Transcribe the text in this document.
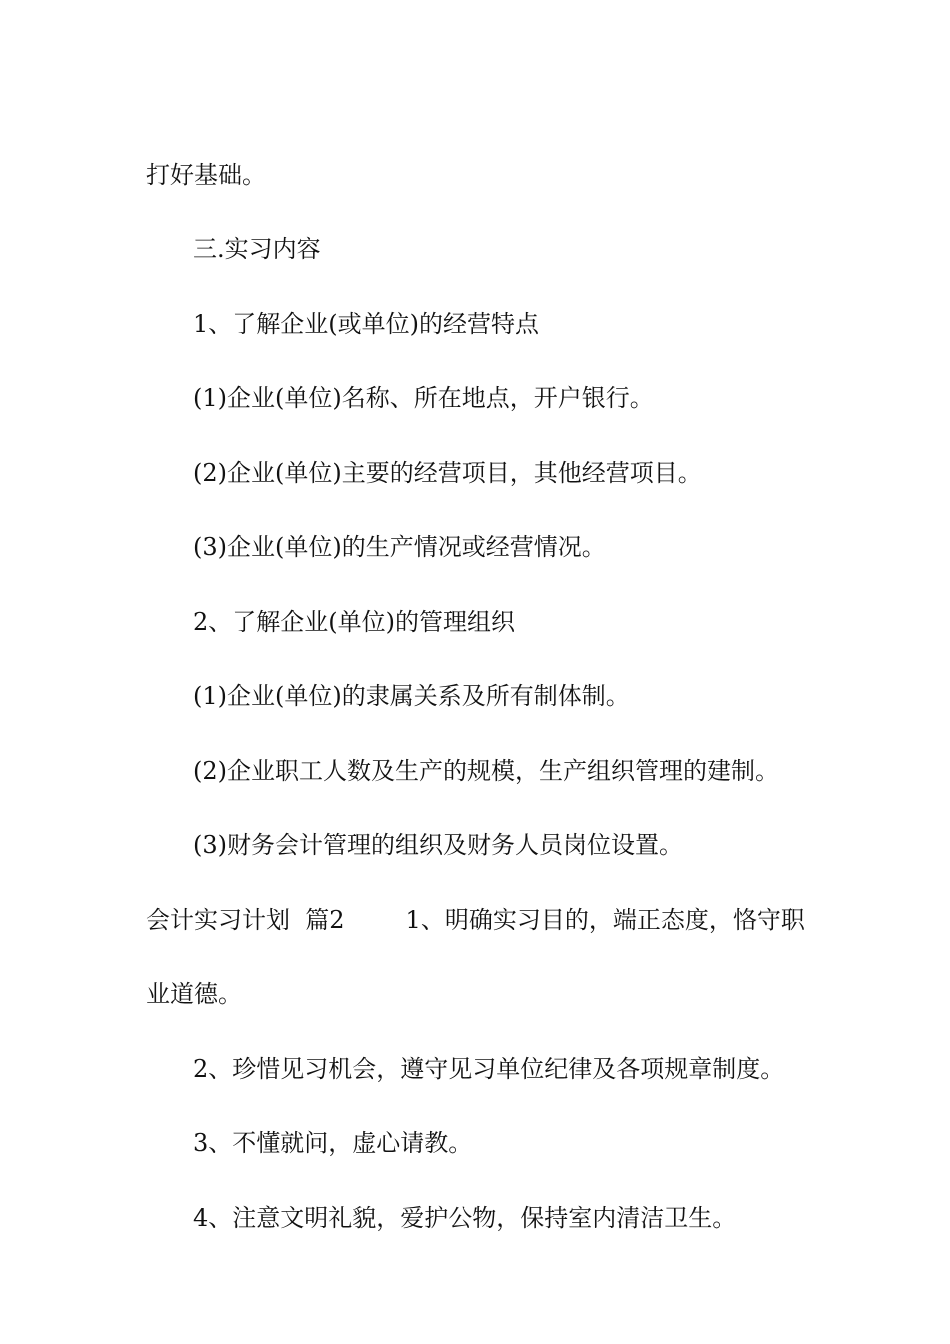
打好基础。

三.实习内容

1、了解企业(或单位)的经营特点

(1)企业(单位)名称、所在地点，开户银行。

(2)企业(单位)主要的经营项目，其他经营项目。

(3)企业(单位)的生产情况或经营情况。

2、了解企业(单位)的管理组织

(1)企业(单位)的隶属关系及所有制体制。

(2)企业职工人数及生产的规模，生产组织管理的建制。

(3)财务会计管理的组织及财务人员岗位设置。

会计实习计划  篇2        1、明确实习目的，端正态度，恪守职

业道德。

2、珍惜见习机会，遵守见习单位纪律及各项规章制度。

3、不懂就问，虚心请教。

4、注意文明礼貌，爱护公物，保持室内清洁卫生。
